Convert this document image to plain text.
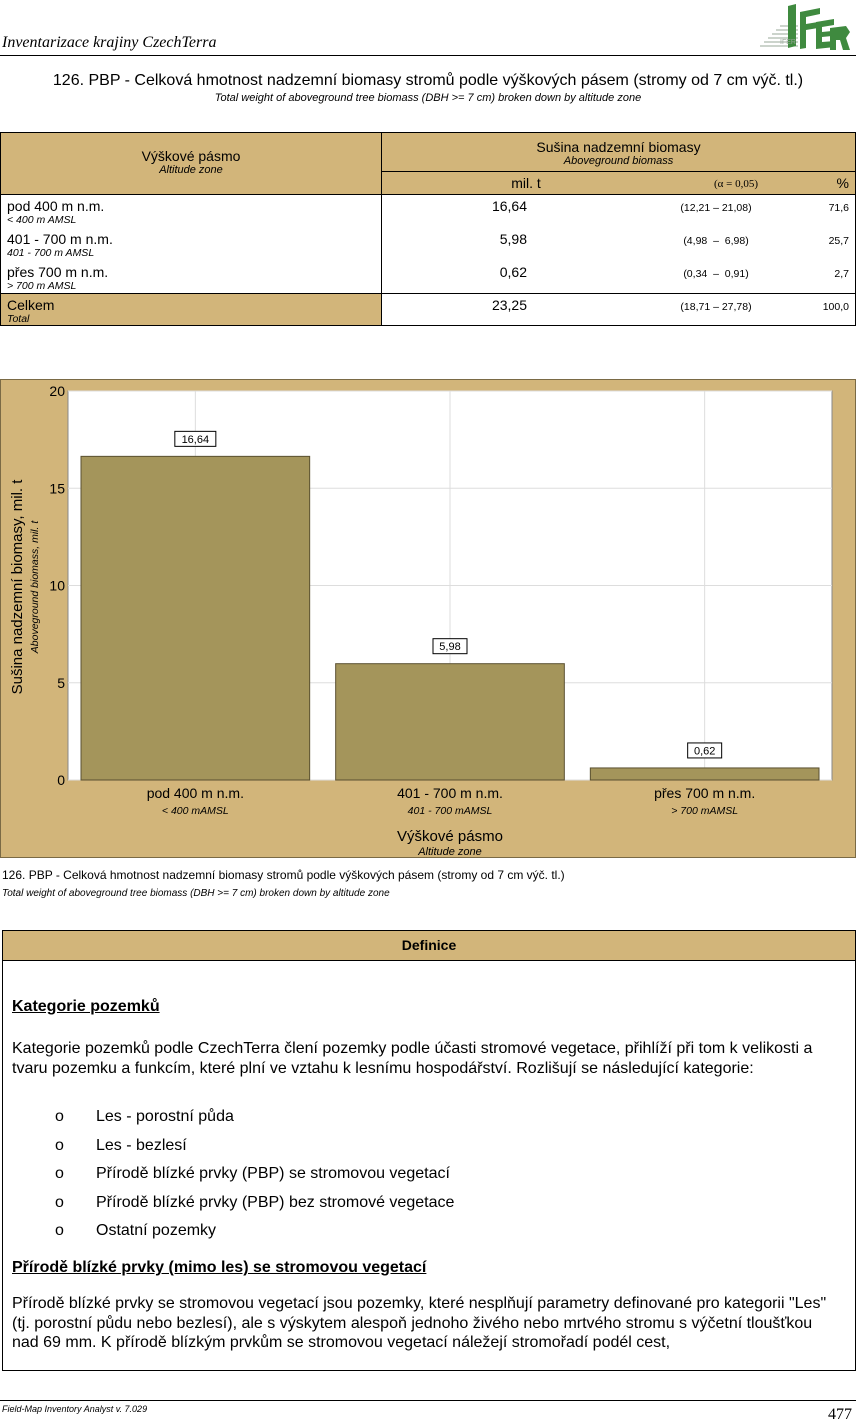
Inventarizace krajiny CzechTerra	IFER
126. PBP - Celková hmotnost nadzemní biomasy stromů podle výškových pásem (stromy od 7 cm výč. tl.)
Total weight of aboveground tree biomass (DBH >= 7 cm) broken down by altitude zone
Výškové pásmo
Altitude zone
Sušina nadzemní biomasy
Aboveground biomass
mil. t	(α = 0,05)	%
pod 400 m n.m.
< 400 m AMSL
16,64	(12,21 – 21,08)	71,6
401 - 700 m n.m.
401 - 700 m AMSL
5,98	(4,98  –  6,98)	25,7
přes 700 m n.m.
> 700 m AMSL
0,62	(0,34  –  0,91)	2,7
Celkem
Total
23,25	(18,71 – 27,78)	100,0
16,64
5,98
0,62
0
5
10
15
20
pod 400 m n.m.
< 400 mAMSL
401 - 700 m n.m.
401 - 700 mAMSL
přes 700 m n.m.
> 700 mAMSL
Výškové pásmo
Altitude zone
Sušina nadzemní biomasy, mil. t Aboveground biomass, mil. t
126. PBP - Celková hmotnost nadzemní biomasy stromů podle výškových pásem (stromy od 7 cm výč. tl.)
Total weight of aboveground tree biomass (DBH >= 7 cm) broken down by altitude zone
Definice
Kategorie pozemků
Kategorie pozemků podle CzechTerra člení pozemky podle účasti stromové vegetace, přihlíží při tom k velikosti a tvaru pozemku a funkcím, které plní ve vztahu k lesnímu hospodářství. Rozlišují se následující kategorie:
o Les - porostní půda
o Les - bezlesí
o Přírodě blízké prvky (PBP) se stromovou vegetací
o Přírodě blízké prvky (PBP) bez stromové vegetace
o Ostatní pozemky
Přírodě blízké prvky (mimo les) se stromovou vegetací
Přírodě blízké prvky se stromovou vegetací jsou pozemky, které nesplňují parametry definované pro kategorii "Les" (tj. porostní půdu nebo bezlesí), ale s výskytem alespoň jednoho živého nebo mrtvého stromu s výčetní tloušťkou nad 69 mm. K přírodě blízkým prvkům se stromovou vegetací náležejí stromořadí podél cest,
Field-Map Inventory Analyst v. 7.029	477
